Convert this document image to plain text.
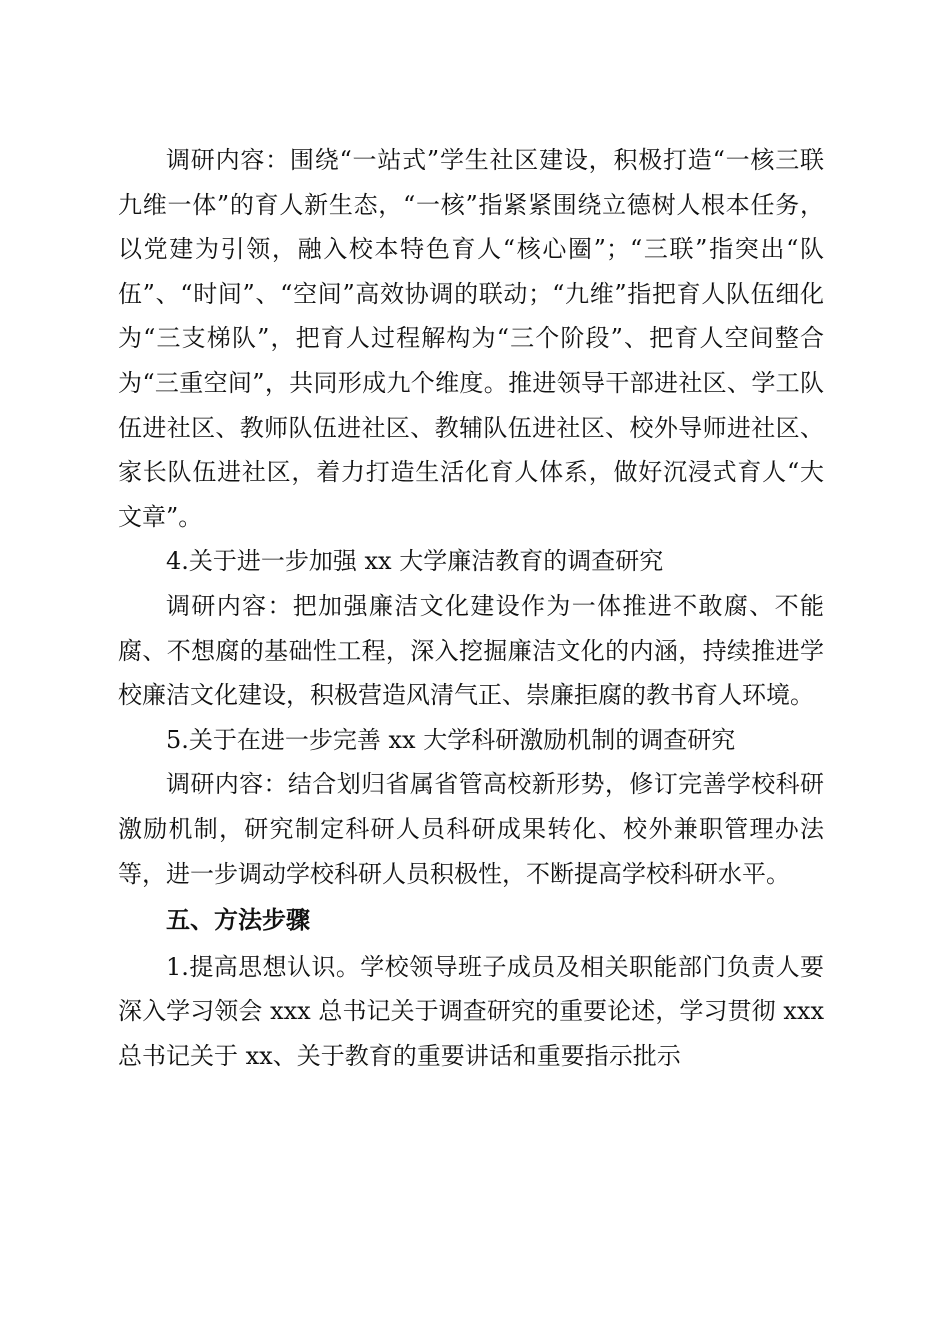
调研内容：围绕“一站式”学生社区建设，积极打造“一核三联九维一体”的育人新生态，“一核”指紧紧围绕立德树人根本任务，以党建为引领，融入校本特色育人“核心圈”；“三联”指突出“队伍”、“时间”、“空间”高效协调的联动；“九维”指把育人队伍细化为“三支梯队”，把育人过程解构为“三个阶段”、把育人空间整合为“三重空间”，共同形成九个维度。推进领导干部进社区、学工队伍进社区、教师队伍进社区、教辅队伍进社区、校外导师进社区、家长队伍进社区，着力打造生活化育人体系，做好沉浸式育人“大文章”。

4.关于进一步加强 xx 大学廉洁教育的调查研究

调研内容：把加强廉洁文化建设作为一体推进不敢腐、不能腐、不想腐的基础性工程，深入挖掘廉洁文化的内涵，持续推进学校廉洁文化建设，积极营造风清气正、崇廉拒腐的教书育人环境。

5.关于在进一步完善 xx 大学科研激励机制的调查研究

调研内容：结合划归省属省管高校新形势，修订完善学校科研激励机制，研究制定科研人员科研成果转化、校外兼职管理办法等，进一步调动学校科研人员积极性，不断提高学校科研水平。

五、方法步骤

1.提高思想认识。学校领导班子成员及相关职能部门负责人要深入学习领会 xxx 总书记关于调查研究的重要论述，学习贯彻 xxx 总书记关于 xx、关于教育的重要讲话和重要指示批示
